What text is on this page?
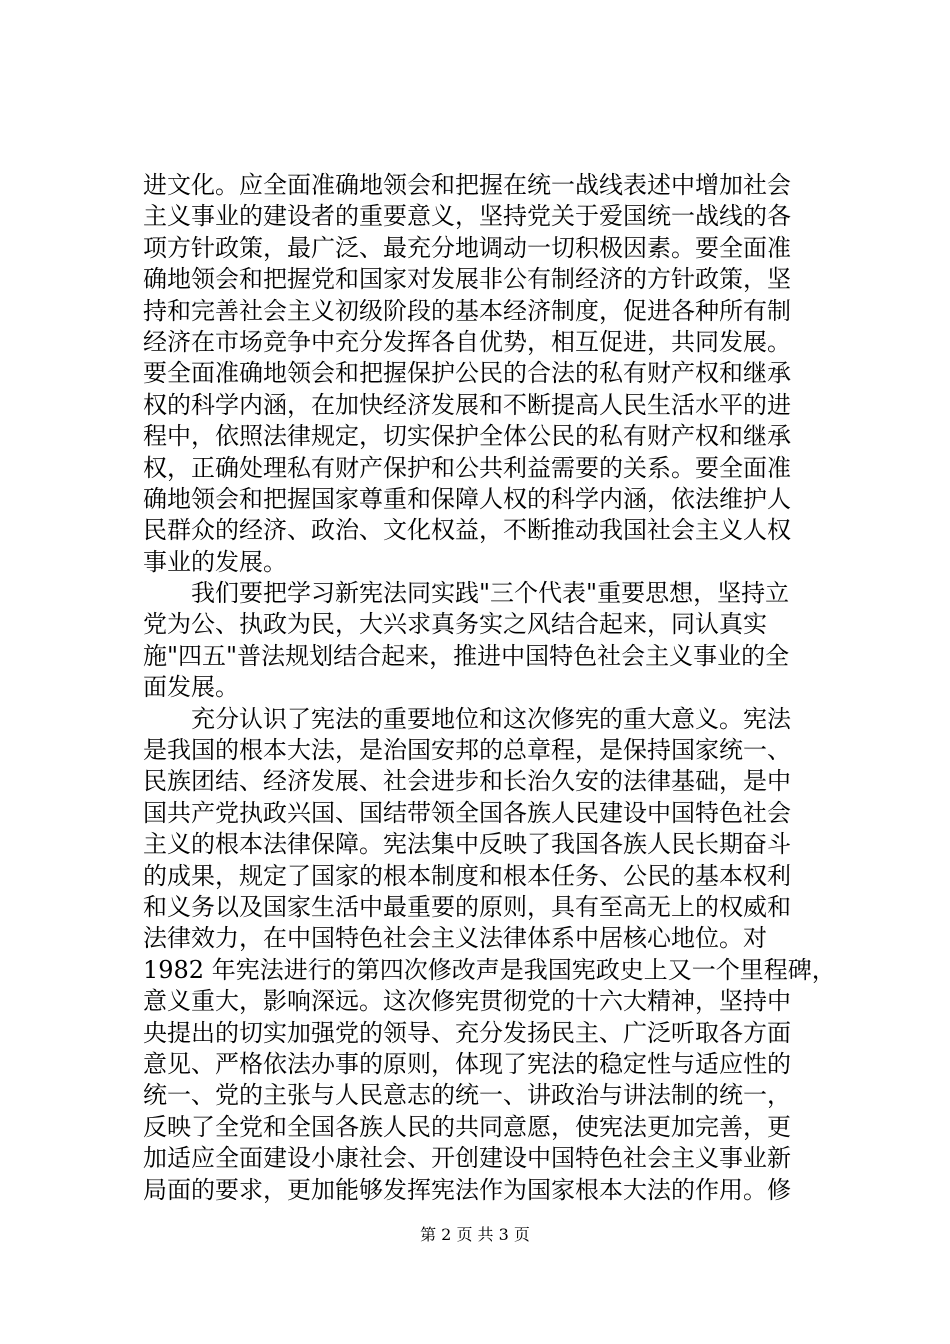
进文化。应全面准确地领会和把握在统一战线表述中增加社会
主义事业的建设者的重要意义，坚持党关于爱国统一战线的各
项方针政策，最广泛、最充分地调动一切积极因素。要全面准
确地领会和把握党和国家对发展非公有制经济的方针政策，坚
持和完善社会主义初级阶段的基本经济制度，促进各种所有制
经济在市场竞争中充分发挥各自优势，相互促进，共同发展。
要全面准确地领会和把握保护公民的合法的私有财产权和继承
权的科学内涵，在加快经济发展和不断提高人民生活水平的进
程中，依照法律规定，切实保护全体公民的私有财产权和继承
权，正确处理私有财产保护和公共利益需要的关系。要全面准
确地领会和把握国家尊重和保障人权的科学内涵，依法维护人
民群众的经济、政治、文化权益，不断推动我国社会主义人权
事业的发展。
　　我们要把学习新宪法同实践"三个代表"重要思想，坚持立
党为公、执政为民，大兴求真务实之风结合起来，同认真实
施"四五"普法规划结合起来，推进中国特色社会主义事业的全
面发展。
　　充分认识了宪法的重要地位和这次修宪的重大意义。宪法
是我国的根本大法，是治国安邦的总章程，是保持国家统一、
民族团结、经济发展、社会进步和长治久安的法律基础，是中
国共产党执政兴国、国结带领全国各族人民建设中国特色社会
主义的根本法律保障。宪法集中反映了我国各族人民长期奋斗
的成果，规定了国家的根本制度和根本任务、公民的基本权利
和义务以及国家生活中最重要的原则，具有至高无上的权威和
法律效力，在中国特色社会主义法律体系中居核心地位。对
1982 年宪法进行的第四次修改声是我国宪政史上又一个里程碑，
意义重大，影响深远。这次修宪贯彻党的十六大精神，坚持中
央提出的切实加强党的领导、充分发扬民主、广泛听取各方面
意见、严格依法办事的原则，体现了宪法的稳定性与适应性的
统一、党的主张与人民意志的统一、讲政治与讲法制的统一，
反映了全党和全国各族人民的共同意愿，使宪法更加完善，更
加适应全面建设小康社会、开创建设中国特色社会主义事业新
局面的要求，更加能够发挥宪法作为国家根本大法的作用。修
第 2 页 共 3 页
